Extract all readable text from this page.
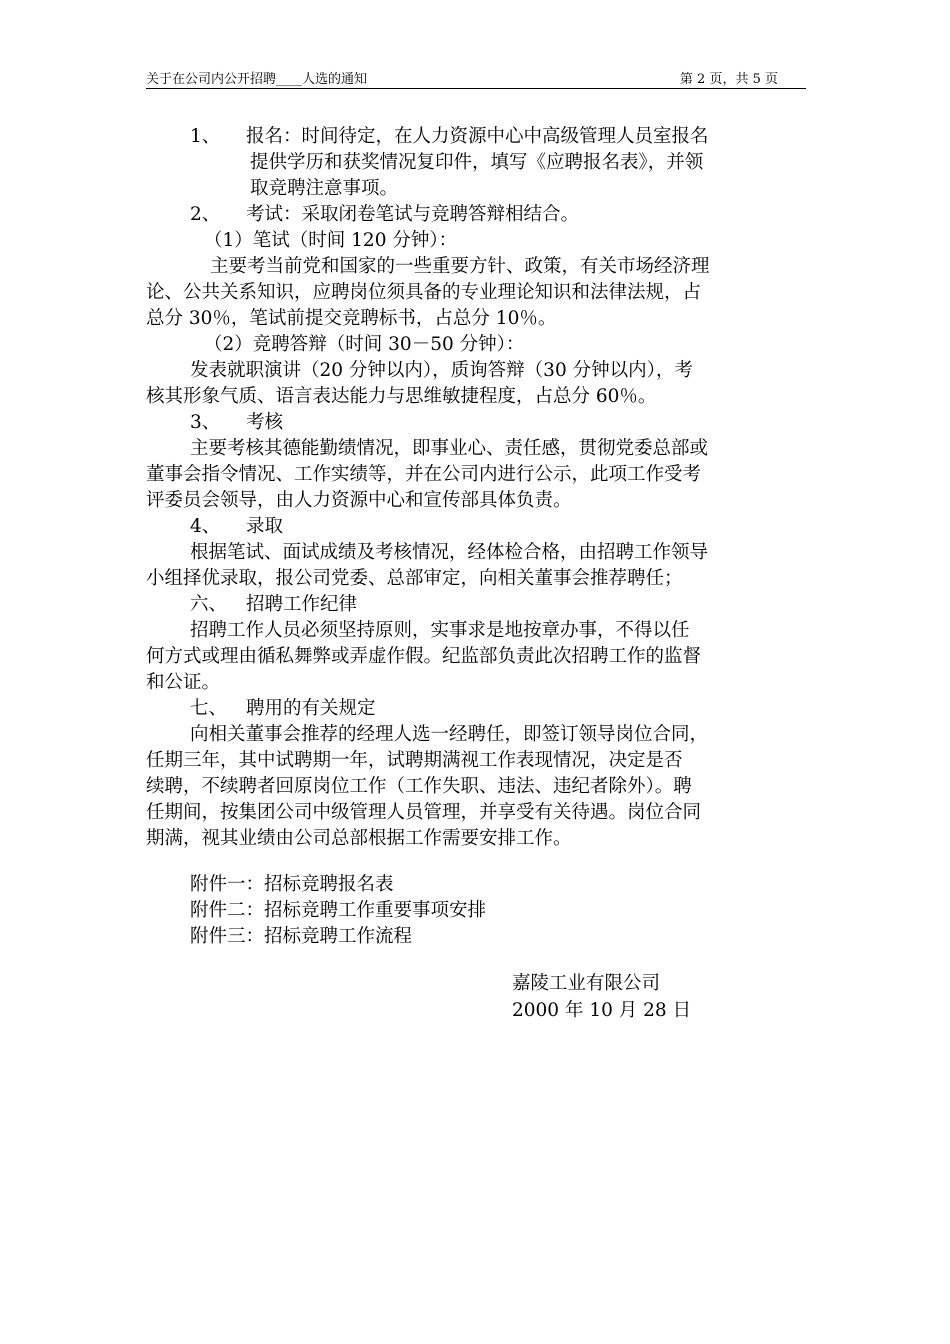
关于在公司内公开招聘____人选的通知	第 2 页，共 5 页
1、 报名：时间待定，在人力资源中心中高级管理人员室报名
提供学历和获奖情况复印件，填写《应聘报名表》，并领
取竞聘注意事项。
2、 考试：采取闭卷笔试与竞聘答辩相结合。
（1）笔试（时间 120 分钟）：
主要考当前党和国家的一些重要方针、政策，有关市场经济理
论、公共关系知识，应聘岗位须具备的专业理论知识和法律法规，占
总分 30％，笔试前提交竞聘标书，占总分 10％。
（2）竞聘答辩（时间 30－50 分钟）：
发表就职演讲（20 分钟以内），质询答辩（30 分钟以内），考
核其形象气质、语言表达能力与思维敏捷程度，占总分 60％。
3、 考核
主要考核其德能勤绩情况，即事业心、责任感，贯彻党委总部或
董事会指令情况、工作实绩等，并在公司内进行公示，此项工作受考
评委员会领导，由人力资源中心和宣传部具体负责。
4、 录取
根据笔试、面试成绩及考核情况，经体检合格，由招聘工作领导
小组择优录取，报公司党委、总部审定，向相关董事会推荐聘任；
六、 招聘工作纪律
招聘工作人员必须坚持原则，实事求是地按章办事，不得以任
何方式或理由循私舞弊或弄虚作假。纪监部负责此次招聘工作的监督
和公证。
七、 聘用的有关规定
向相关董事会推荐的经理人选一经聘任，即签订领导岗位合同，
任期三年，其中试聘期一年，试聘期满视工作表现情况，决定是否
续聘，不续聘者回原岗位工作（工作失职、违法、违纪者除外）。聘
任期间，按集团公司中级管理人员管理，并享受有关待遇。岗位合同
期满，视其业绩由公司总部根据工作需要安排工作。
附件一：招标竞聘报名表
附件二：招标竞聘工作重要事项安排
附件三：招标竞聘工作流程
嘉陵工业有限公司
2000 年 10 月 28 日
